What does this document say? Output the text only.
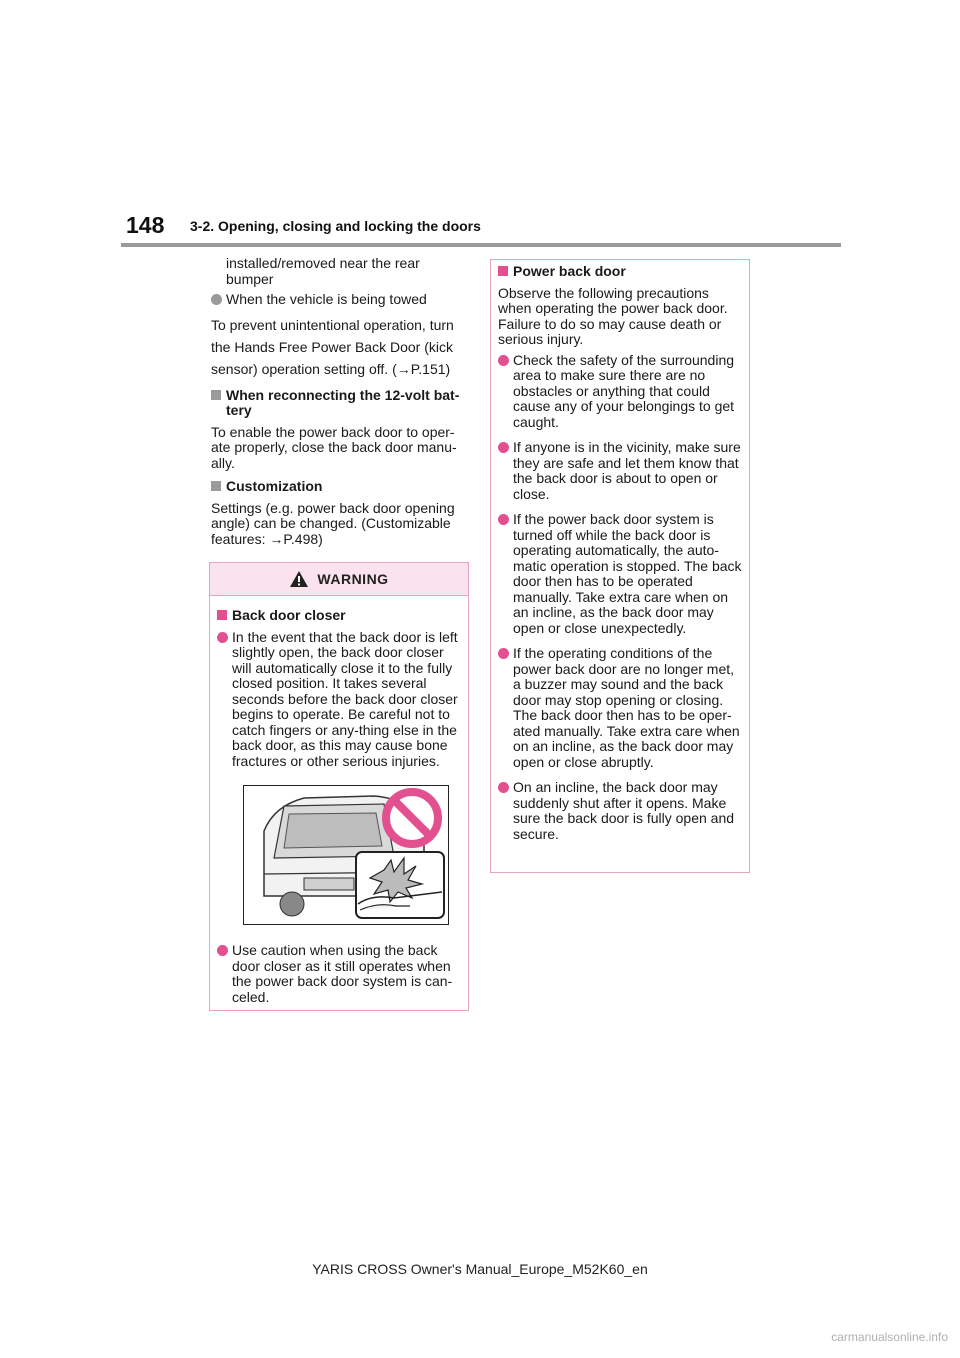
148 3-2. Opening, closing and locking the doors

installed/removed near the rear bumper

When the vehicle is being towed

To prevent unintentional operation, turn the Hands Free Power Back Door (kick sensor) operation setting off. (→P.151)

When reconnecting the 12-volt bat-tery

To enable the power back door to oper-ate properly, close the back door manu-ally.

Customization

Settings (e.g. power back door opening angle) can be changed. (Customizable features: →P.498)

WARNING
Back door closer
In the event that the back door is left slightly open, the back door closer will automatically close it to the fully closed position. It takes several seconds before the back door closer begins to operate. Be careful not to catch fingers or any-thing else in the back door, as this may cause bone fractures or other serious injuries.
Use caution when using the back door closer as it still operates when the power back door system is can-celed.
Power back door

Observe the following precautions when operating the power back door. Failure to do so may cause death or serious injury.

Check the safety of the surrounding area to make sure there are no obstacles or anything that could cause any of your belongings to get caught.
If anyone is in the vicinity, make sure they are safe and let them know that the back door is about to open or close.
If the power back door system is turned off while the back door is operating automatically, the auto-matic operation is stopped. The back door then has to be operated manually. Take extra care when on an incline, as the back door may open or close unexpectedly.
If the operating conditions of the power back door are no longer met, a buzzer may sound and the back door may stop opening or closing. The back door then has to be oper-ated manually. Take extra care when on an incline, as the back door may open or close abruptly.
On an incline, the back door may suddenly shut after it opens. Make sure the back door is fully open and secure.
YARIS CROSS Owner's Manual_Europe_M52K60_en
carmanualsonline.info
